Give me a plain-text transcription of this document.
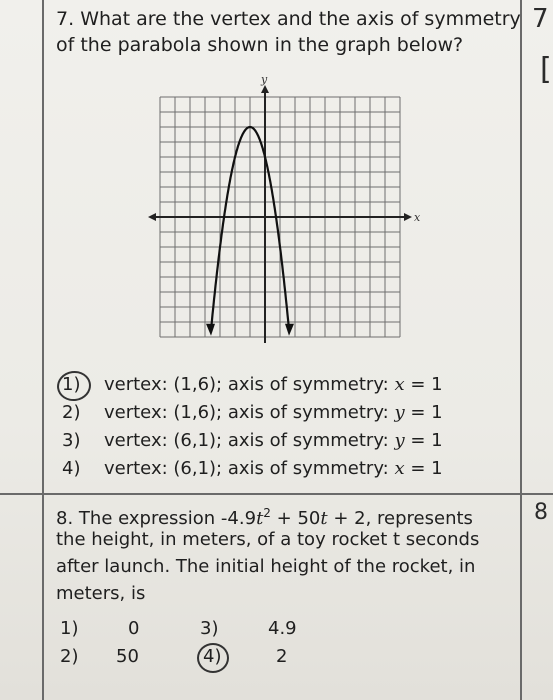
7. What are the vertex and the axis of symmetry
of the parabola shown in the graph below?
y
x
1) vertex: (1,6); axis of symmetry: x = 1
2) vertex: (1,6); axis of symmetry: y = 1
3) vertex: (6,1); axis of symmetry: y = 1
4) vertex: (6,1); axis of symmetry: x = 1
8. The expression $-4.9t^2 + 50t + 2$, represents
the height, in meters, of a toy rocket t seconds
after launch. The initial height of the rocket, in
meters, is
1)	0
2) 50
3)	4.9
4)	2
7
[
8
